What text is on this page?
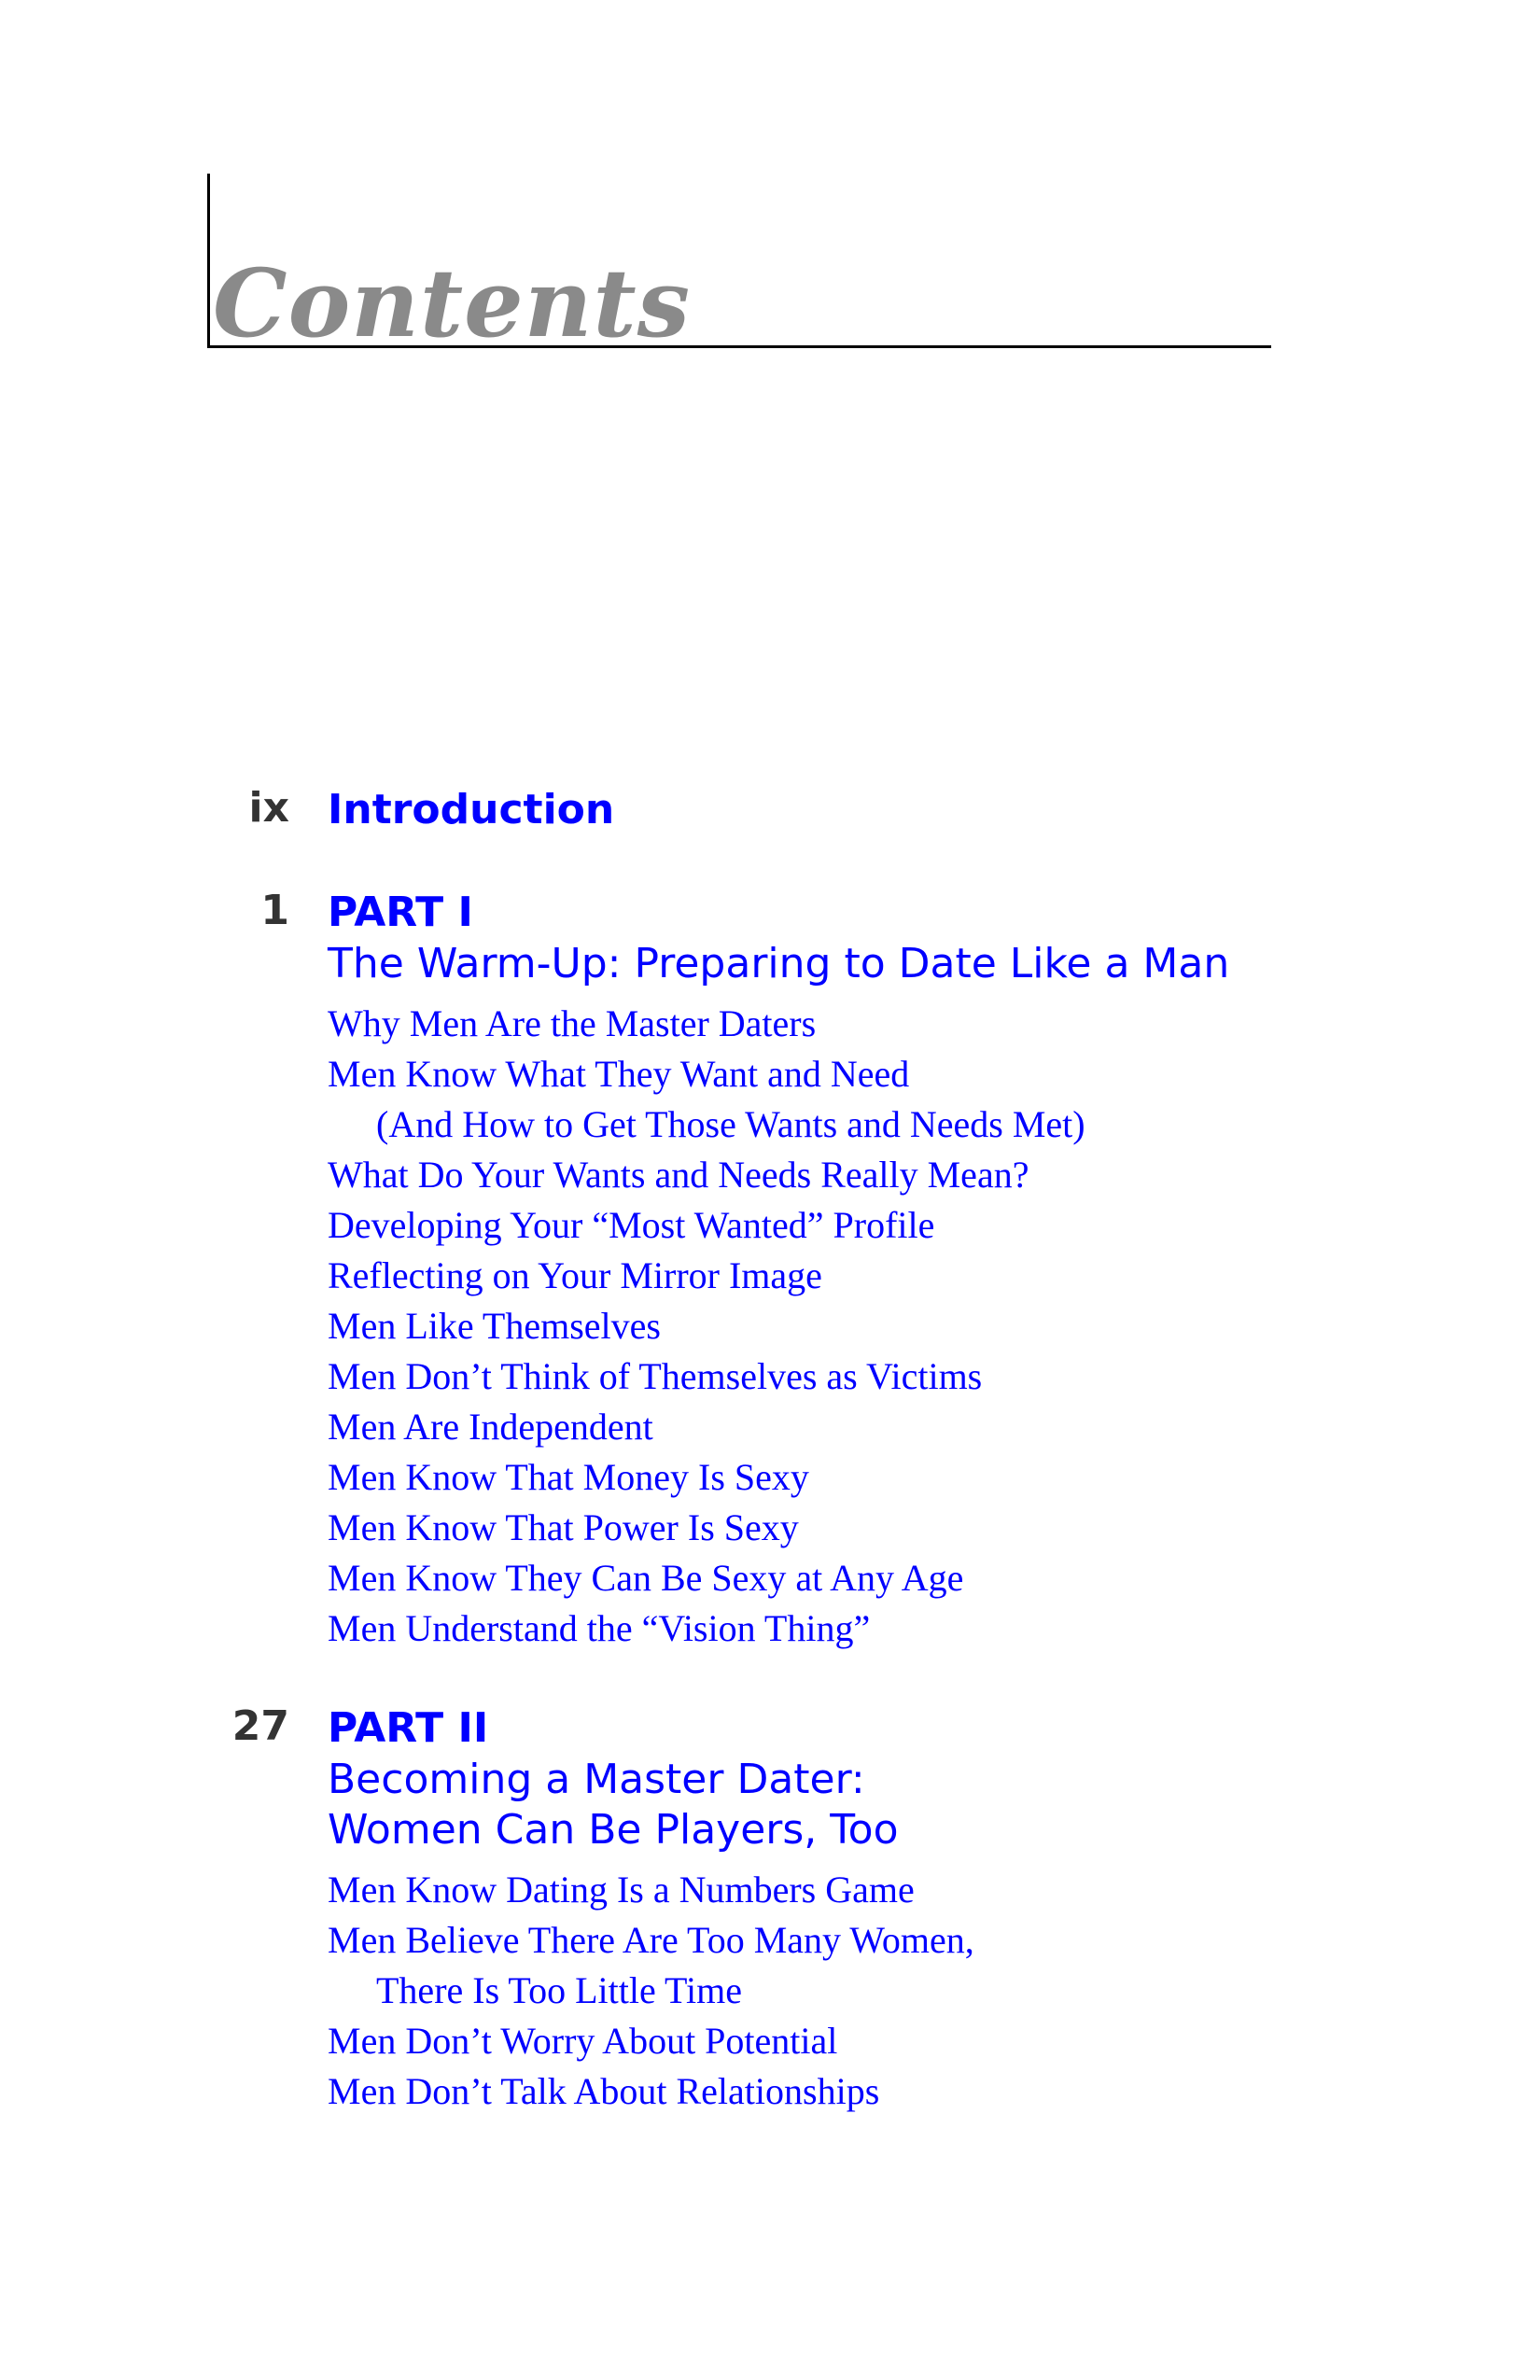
Contents
ix Introduction
1 PART I
The Warm-Up: Preparing to Date Like a Man
Why Men Are the Master Daters
Men Know What They Want and Need
(And How to Get Those Wants and Needs Met)
What Do Your Wants and Needs Really Mean?
Developing Your “Most Wanted” Profile
Reflecting on Your Mirror Image
Men Like Themselves
Men Don’t Think of Themselves as Victims
Men Are Independent
Men Know That Money Is Sexy
Men Know That Power Is Sexy
Men Know They Can Be Sexy at Any Age
Men Understand the “Vision Thing”
27 PART II
Becoming a Master Dater:
Women Can Be Players, Too
Men Know Dating Is a Numbers Game
Men Believe There Are Too Many Women,
There Is Too Little Time
Men Don’t Worry About Potential
Men Don’t Talk About Relationships
